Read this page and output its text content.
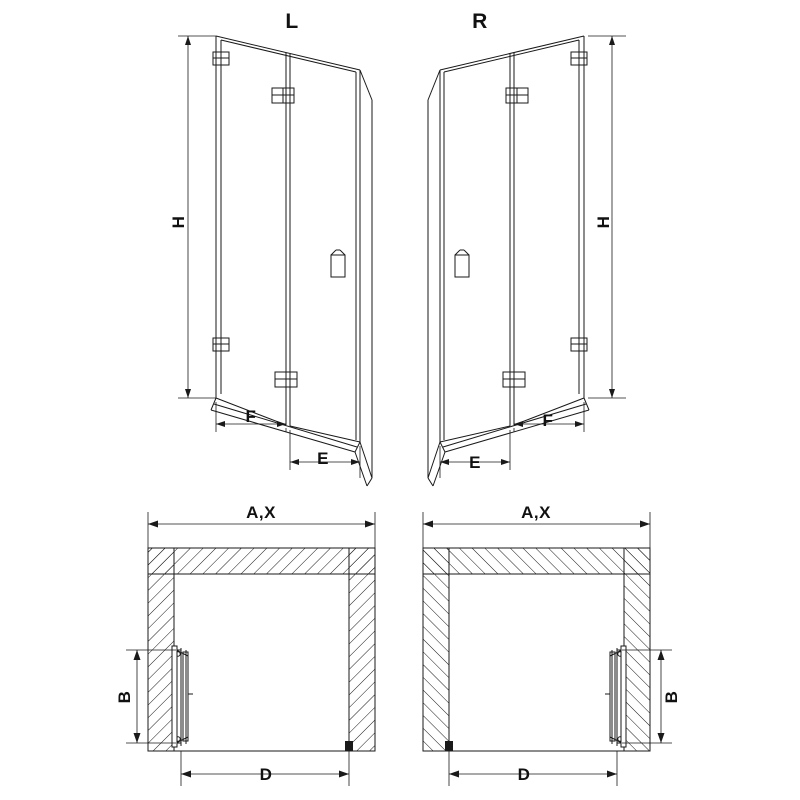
L	R
H	H
F
E	E
F
A,X	A,X
B	B
D	D
